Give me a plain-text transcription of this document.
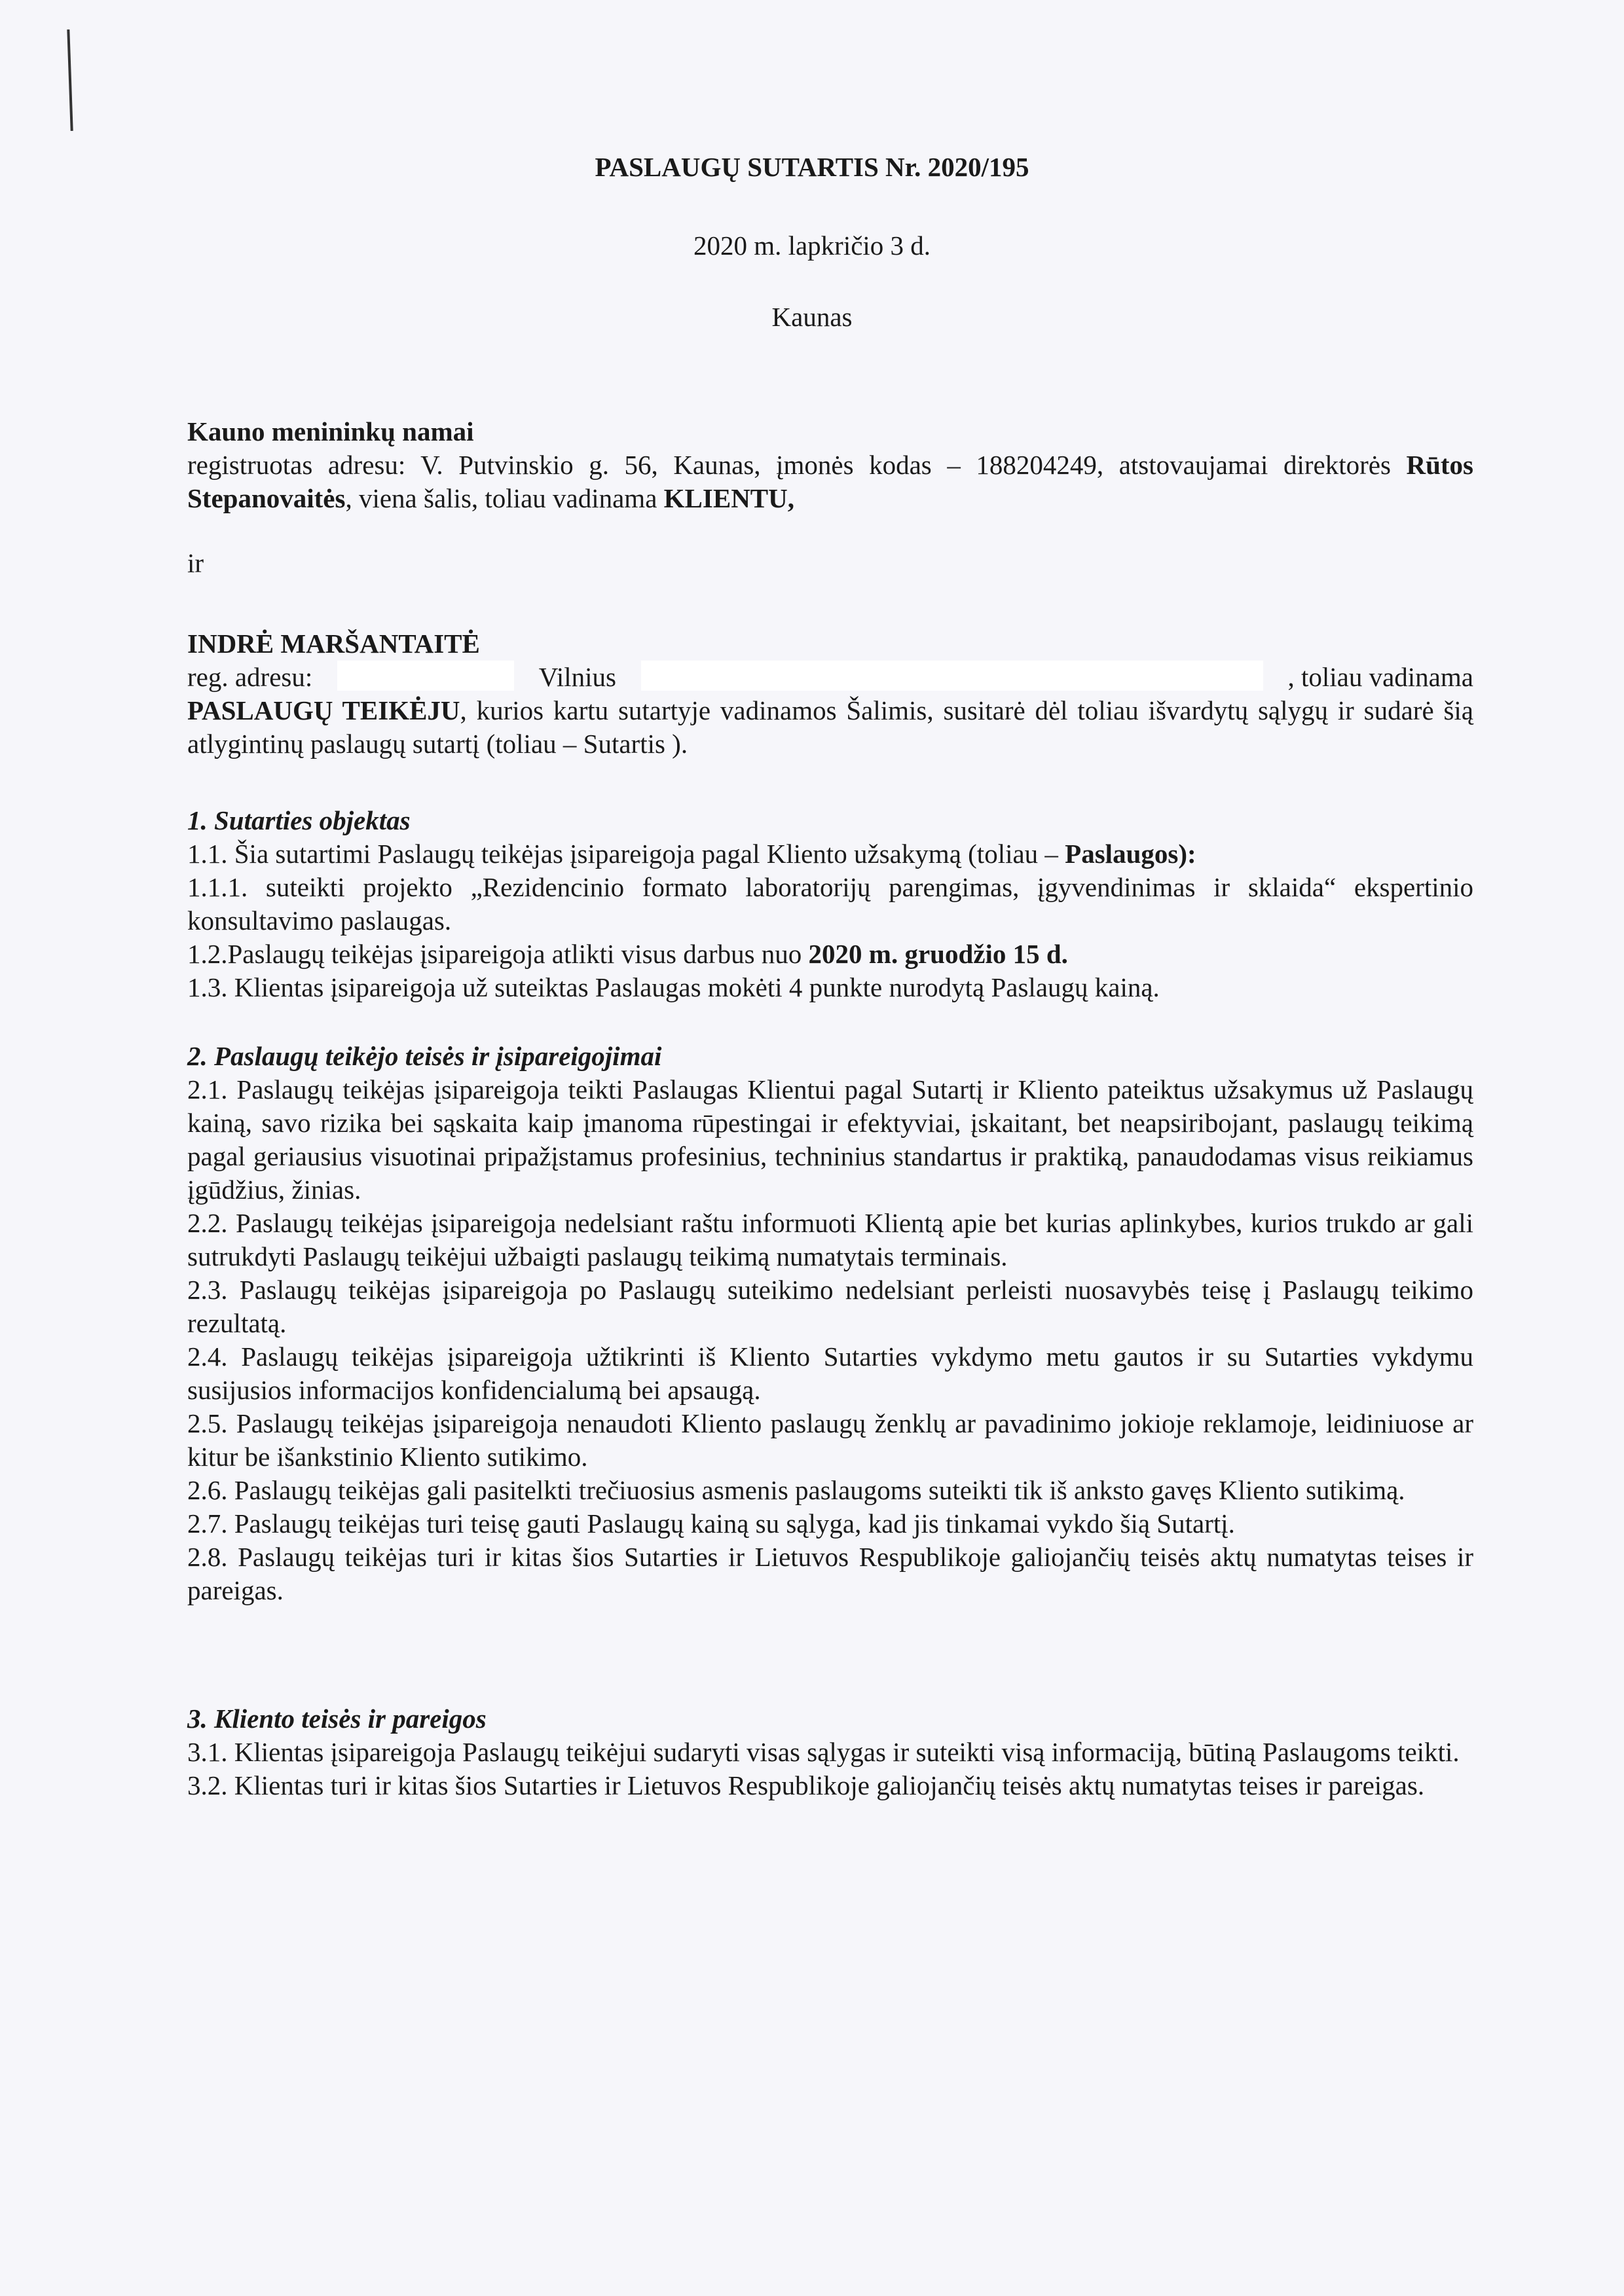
PASLAUGŲ SUTARTIS Nr. 2020/195
2020 m. lapkričio 3 d.
Kaunas

Kauno menininkų namai

registruotas adresu: V. Putvinskio g. 56, Kaunas, įmonės kodas – 188204249, atstovaujamai direktorės Rūtos Stepanovaitės, viena šalis, toliau vadinama KLIENTU,

ir

INDRĖ MARŠANTAITĖ

reg. adresu:	Vilnius	, toliau vadinama

PASLAUGŲ TEIKĖJU, kurios kartu sutartyje vadinamos Šalimis, susitarė dėl toliau išvardytų sąlygų ir sudarė šią atlygintinų paslaugų sutartį (toliau – Sutartis ).

1. Sutarties objektas

1.1. Šia sutartimi Paslaugų teikėjas įsipareigoja pagal Kliento užsakymą (toliau – Paslaugos):

1.1.1. suteikti projekto „Rezidencinio formato laboratorijų parengimas, įgyvendinimas ir sklaida“ ekspertinio konsultavimo paslaugas.

1.2.Paslaugų teikėjas įsipareigoja atlikti visus darbus nuo 2020 m. gruodžio 15 d.

1.3. Klientas įsipareigoja už suteiktas Paslaugas mokėti 4 punkte nurodytą Paslaugų kainą.

2. Paslaugų teikėjo teisės ir įsipareigojimai

2.1. Paslaugų teikėjas įsipareigoja teikti Paslaugas Klientui pagal Sutartį ir Kliento pateiktus užsakymus už Paslaugų kainą, savo rizika bei sąskaita kaip įmanoma rūpestingai ir efektyviai, įskaitant, bet neapsiribojant, paslaugų teikimą pagal geriausius visuotinai pripažįstamus profesinius, techninius standartus ir praktiką, panaudodamas visus reikiamus įgūdžius, žinias.

2.2. Paslaugų teikėjas įsipareigoja nedelsiant raštu informuoti Klientą apie bet kurias aplinkybes, kurios trukdo ar gali sutrukdyti Paslaugų teikėjui užbaigti paslaugų teikimą numatytais terminais.

2.3. Paslaugų teikėjas įsipareigoja po Paslaugų suteikimo nedelsiant perleisti nuosavybės teisę į Paslaugų teikimo rezultatą.

2.4. Paslaugų teikėjas įsipareigoja užtikrinti iš Kliento Sutarties vykdymo metu gautos ir su Sutarties vykdymu susijusios informacijos konfidencialumą bei apsaugą.

2.5. Paslaugų teikėjas įsipareigoja nenaudoti Kliento paslaugų ženklų ar pavadinimo jokioje reklamoje, leidiniuose ar kitur be išankstinio Kliento sutikimo.

2.6. Paslaugų teikėjas gali pasitelkti trečiuosius asmenis paslaugoms suteikti tik iš anksto gavęs Kliento sutikimą.

2.7. Paslaugų teikėjas turi teisę gauti Paslaugų kainą su sąlyga, kad jis tinkamai vykdo šią Sutartį.

2.8. Paslaugų teikėjas turi ir kitas šios Sutarties ir Lietuvos Respublikoje galiojančių teisės aktų numatytas teises ir pareigas.

3. Kliento teisės ir pareigos

3.1. Klientas įsipareigoja Paslaugų teikėjui sudaryti visas sąlygas ir suteikti visą informaciją, būtiną Paslaugoms teikti.

3.2. Klientas turi ir kitas šios Sutarties ir Lietuvos Respublikoje galiojančių teisės aktų numatytas teises ir pareigas.
